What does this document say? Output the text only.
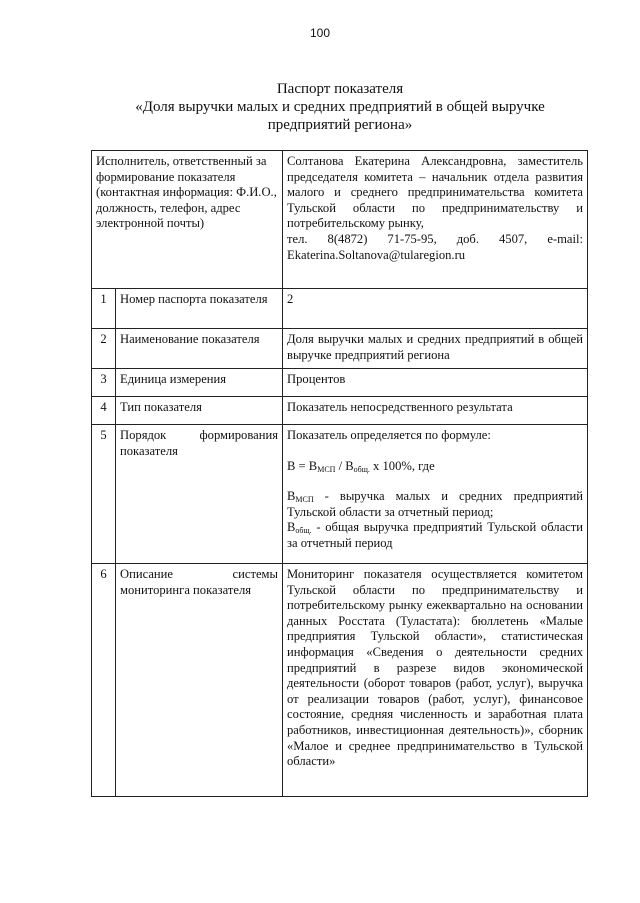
100
Паспорт показателя
«Доля выручки малых и средних предприятий в общей выручке
предприятий региона»
Исполнитель, ответственный за формирование показателя (контактная информация: Ф.И.О., должность, телефон, адрес электронной почты)		Солтанова Екатерина Александровна, заместитель председателя комитета – начальник отдела развития малого и среднего предпринимательства комитета Тульской области по предпринимательству и потребительскому рынку,

тел. 8(4872) 71-75-95, доб. 4507, e-mail: Ekaterina.Soltanova@tularegion.ru

1	Номер паспорта показателя	2
2	Наименование показателя	Доля выручки малых и средних предприятий в общей выручке предприятий региона
3	Единица измерения	Процентов
4	Тип показателя	Показатель непосредственного результата
5	Порядок формирования показателя	Показатель определяется по формуле:

$В = В_{МСП} / В_{общ.}$ х 100%, где

$В_{МСП}$ - выручка малых и средних предприятий Тульской области за отчетный период;

$В_{общ.}$ - общая выручка предприятий Тульской области за отчетный период

6	Описание системы мониторинга показателя	Мониторинг показателя осуществляется комитетом Тульской области по предпринимательству и потребительскому рынку ежеквартально на основании данных Росстата (Туластата): бюллетень «Малые предприятия Тульской области», статистическая информация «Сведения о деятельности средних предприятий в разрезе видов экономической деятельности (оборот товаров (работ, услуг), выручка от реализации товаров (работ, услуг), финансовое состояние, средняя численность и заработная плата работников, инвестиционная деятельность)», сборник «Малое и среднее предпринимательство в Тульской области»
